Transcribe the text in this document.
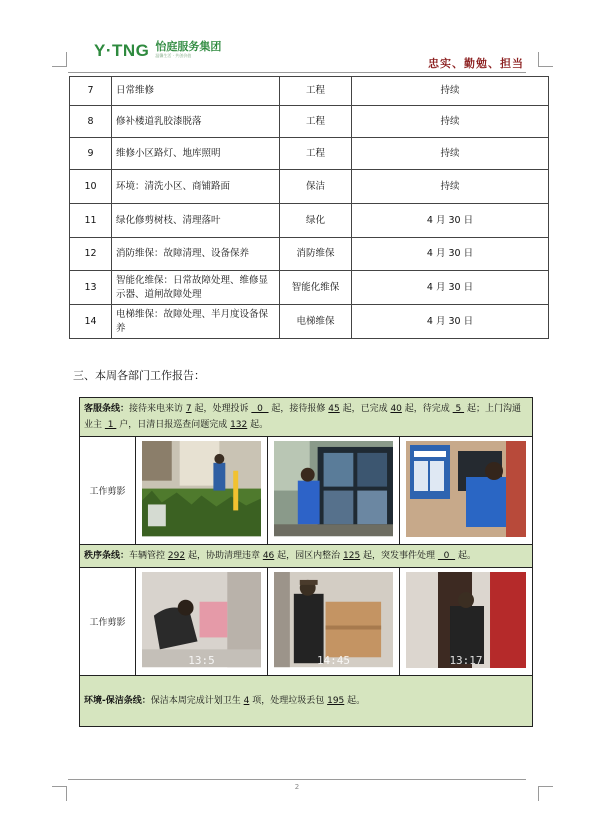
Y·TNG 怡庭服务集团
温馨生活 · 共创价值
忠实、勤勉、担当
7	日常维修	工程	持续
8	修补楼道乳胶漆脱落	工程	持续
9	维修小区路灯、地库照明	工程	持续
10	环境：清洗小区、商铺路面	保洁	持续
11	绿化修剪树枝、清理落叶	绿化	4 月 30 日
12	消防维保：故障清理、设备保养	消防维保	4 月 30 日
13	智能化维保：日常故障处理、维修显示器、道闸故障处理	智能化维保	4 月 30 日
14	电梯维保：故障处理、半月度设备保养	电梯维保	4 月 30 日
三、本周各部门工作报告：
客服条线：接待来电来访 7 起，处理投诉   0   起，接待报修 45 起，已完成 40 起，待完成  5  起；上门沟通业主  1  户，日清日报巡查问题完成 132 起。			
工作剪影	

秩序条线：车辆管控 292 起，协助清理违章 46 起，园区内整治 125 起，突发事件处理   0   起。			
工作剪影	13:5	14:45	13:17

环境-保洁条线：保洁本周完成计划卫生 4 项，处理垃圾丢包 195 起。			
2
